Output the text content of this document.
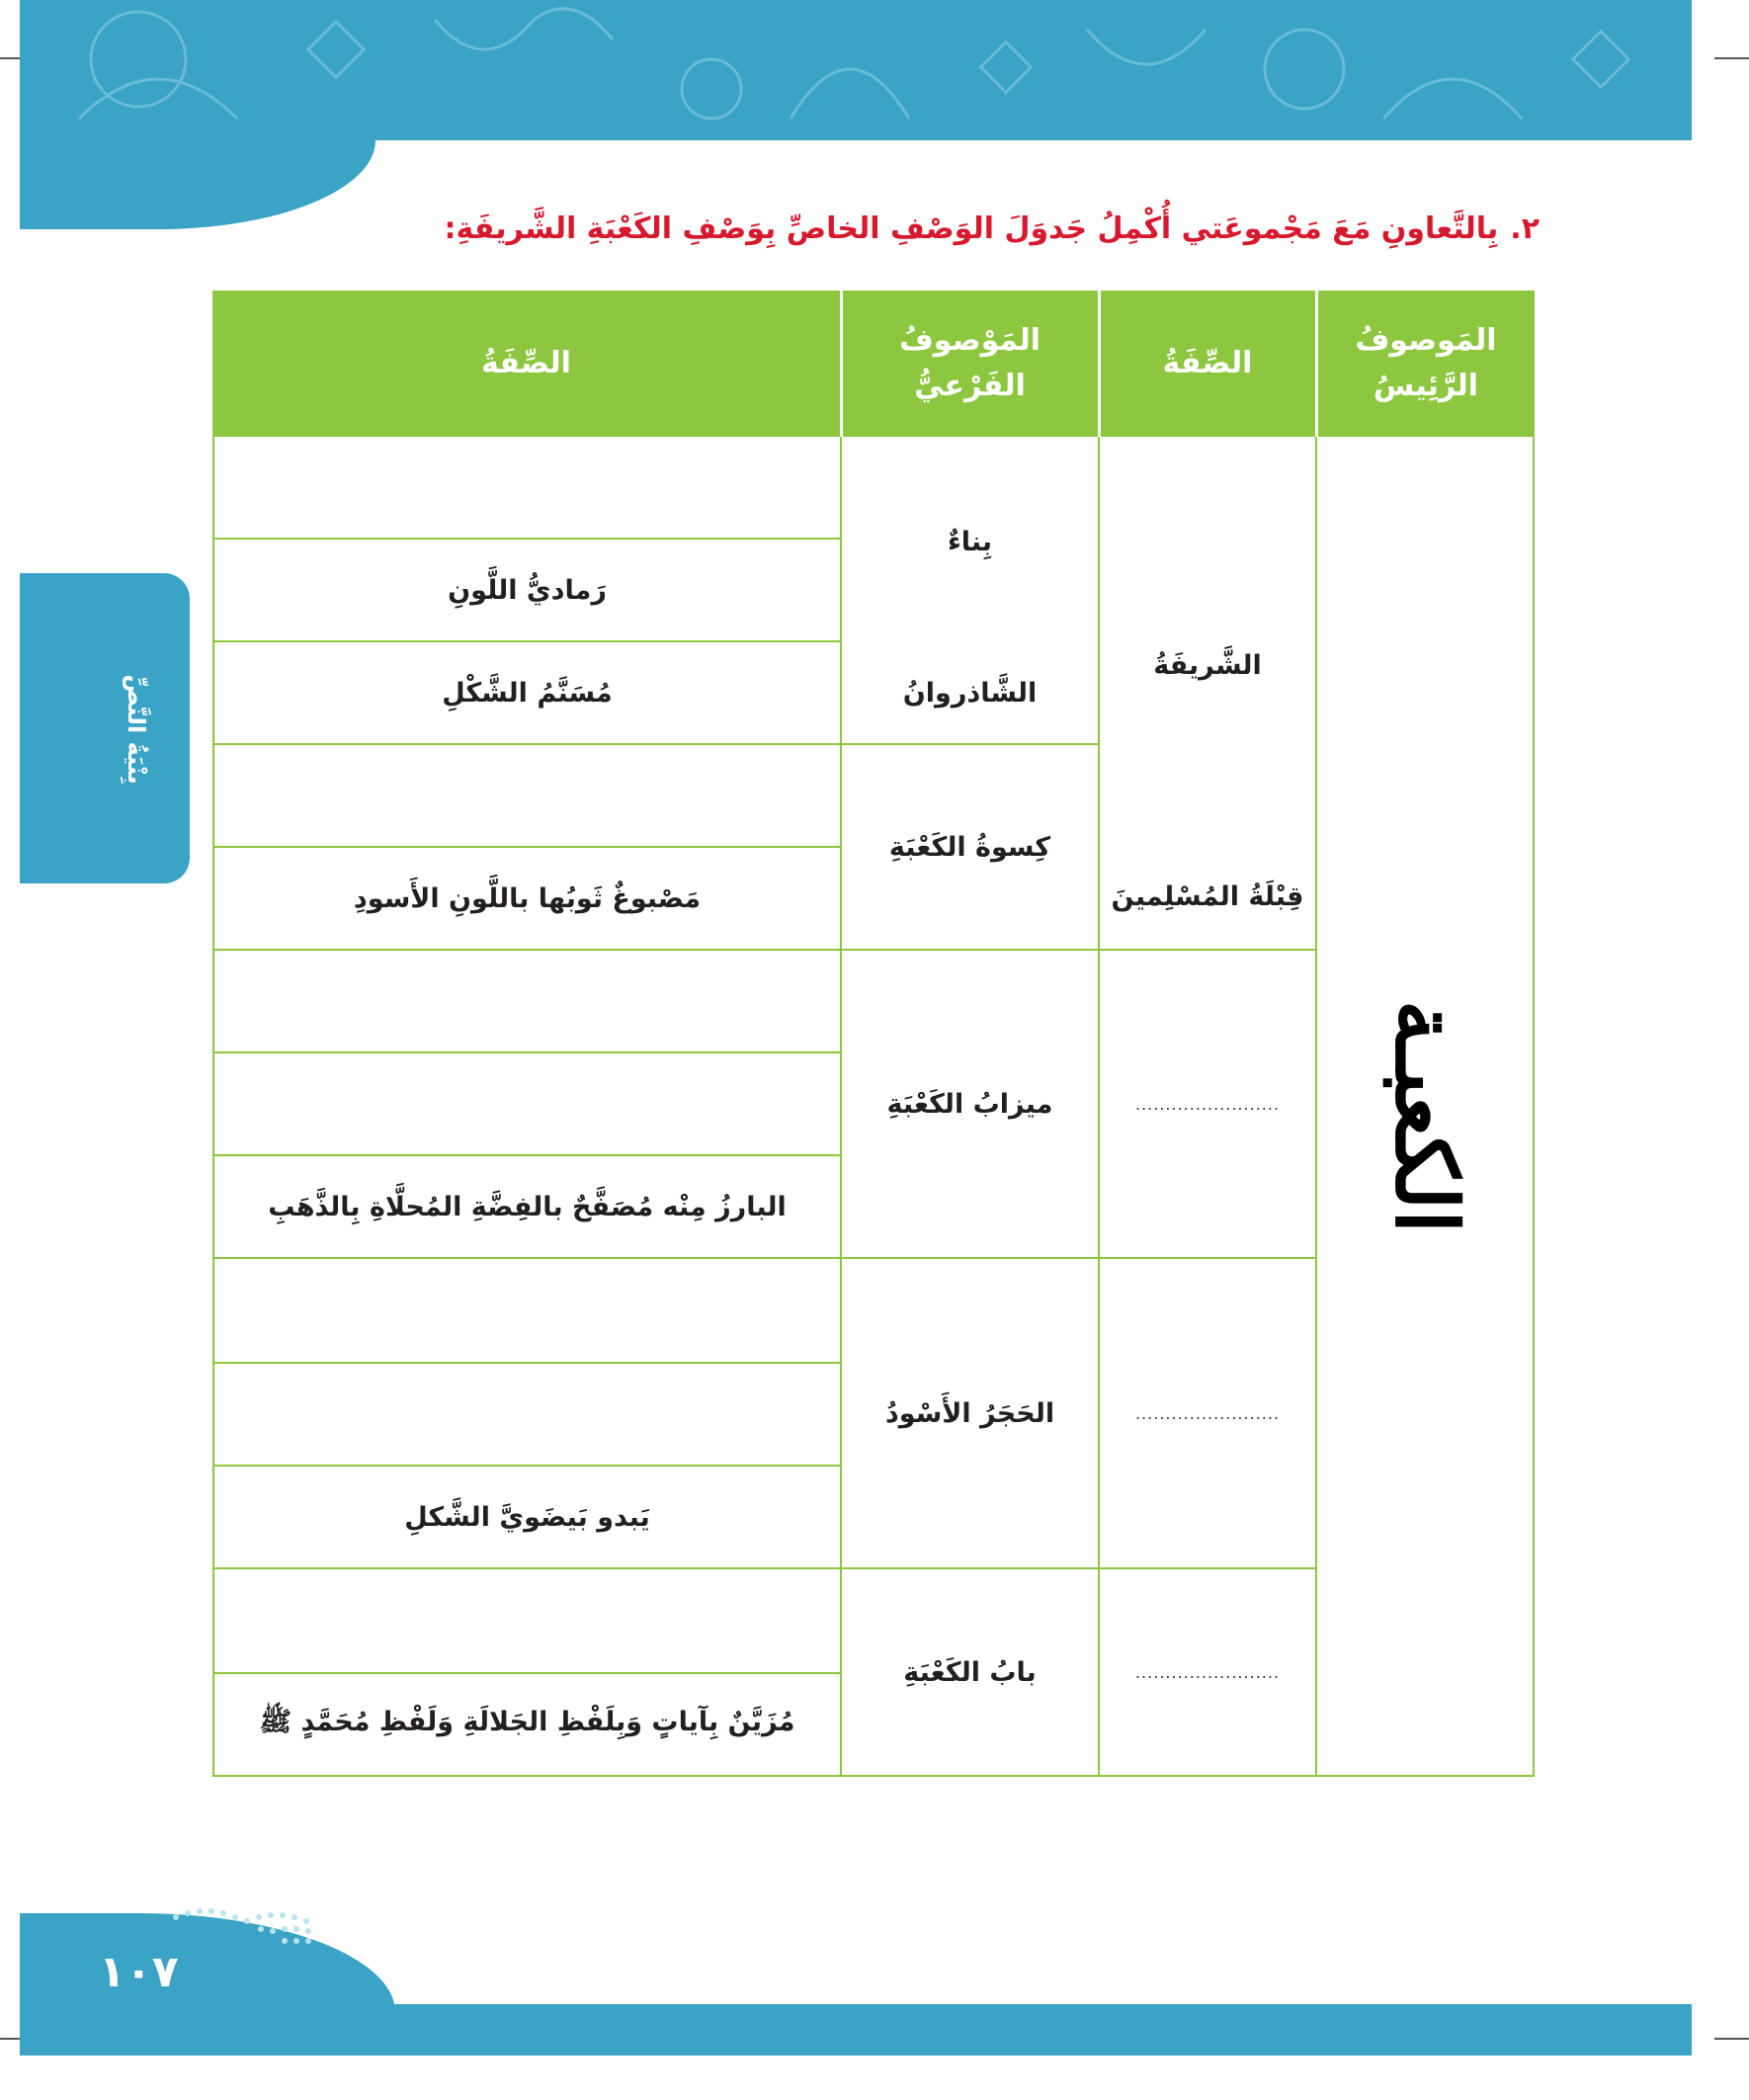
بِنْيَةُ النَّصِّ
٢.بِالتَّعاونِ مَعَ مَجْموعَتي أُكْمِلُ جَدوَلَ الوَصْفِ الخاصِّ بِوَصْفِ الكَعْبَةِ الشَّريفَةِ:
المَوصوفُ الرَّئِيسُ
الصِّفَةُ
المَوْصوفُ الفَرْعيُّ
الصِّفَةُ
الكعبـة
الشَّريفَةُ
قِبْلَةُ المُسْلِمينَ
........................
........................
........................
بِناءٌ
الشَّاذروانُ
كِسوةُ الكَعْبَةِ
ميزابُ الكَعْبَةِ
الحَجَرُ الأَسْودُ
بابُ الكَعْبَةِ
رَماديُّ اللَّونِ
مُسَنَّمُ الشَّكْلِ
مَصْبوغٌ ثَوبُها باللَّونِ الأَسودِ
البارزُ مِنْه مُصَفَّحٌ بالفِضَّةِ المُحلَّاةِ بِالذَّهَبِ
يَبدو بَيضَويَّ الشَّكلِ
مُزَيَّنٌ بِآياتٍ وَبِلَفْظِ الجَلالَةِ وَلَفْظِ مُحَمَّدٍ ﷺ
١٠٧
